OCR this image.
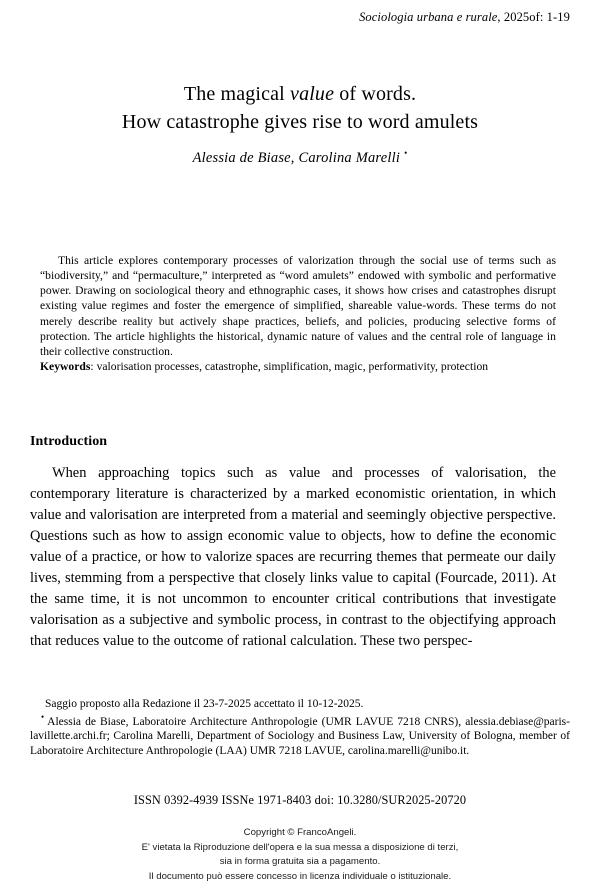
Sociologia urbana e rurale, 2025of: 1-19
The magical value of words.
How catastrophe gives rise to word amulets
Alessia de Biase, Carolina Marelli •

This article explores contemporary processes of valorization through the social use of terms such as “biodiversity,” and “permaculture,” interpreted as “word amulets” endowed with symbolic and performative power. Drawing on sociological theory and ethnographic cases, it shows how crises and catastrophes disrupt existing value regimes and foster the emergence of simplified, shareable value-words. These terms do not merely describe reality but actively shape practices, beliefs, and policies, producing selective forms of protection. The article highlights the historical, dynamic nature of values and the central role of language in their collective construction.

Keywords: valorisation processes, catastrophe, simplification, magic, performativity, protection

Introduction

When approaching topics such as value and processes of valorisation, the contemporary literature is characterized by a marked economistic orientation, in which value and valorisation are interpreted from a material and seemingly objective perspective. Questions such as how to assign economic value to objects, how to define the economic value of a practice, or how to valorize spaces are recurring themes that permeate our daily lives, stemming from a perspective that closely links value to capital (Fourcade, 2011). At the same time, it is not uncommon to encounter critical contributions that investigate valorisation as a subjective and symbolic process, in contrast to the objectifying approach that reduces value to the outcome of rational calculation. These two perspec-

Saggio proposto alla Redazione il 23-7-2025 accettato il 10-12-2025.

• Alessia de Biase, Laboratoire Architecture Anthropologie (UMR LAVUE 7218 CNRS), alessia.debiase@paris-lavillette.archi.fr; Carolina Marelli, Department of Sociology and Business Law, University of Bologna, member of Laboratoire Architecture Anthropologie (LAA) UMR 7218 LAVUE, carolina.marelli@unibo.it.

ISSN 0392-4939 ISSNe 1971-8403 doi: 10.3280/SUR2025-20720
Copyright © FrancoAngeli.
E' vietata la Riproduzione dell'opera e la sua messa a disposizione di terzi,
sia in forma gratuita sia a pagamento.
Il documento può essere concesso in licenza individuale o istituzionale.
